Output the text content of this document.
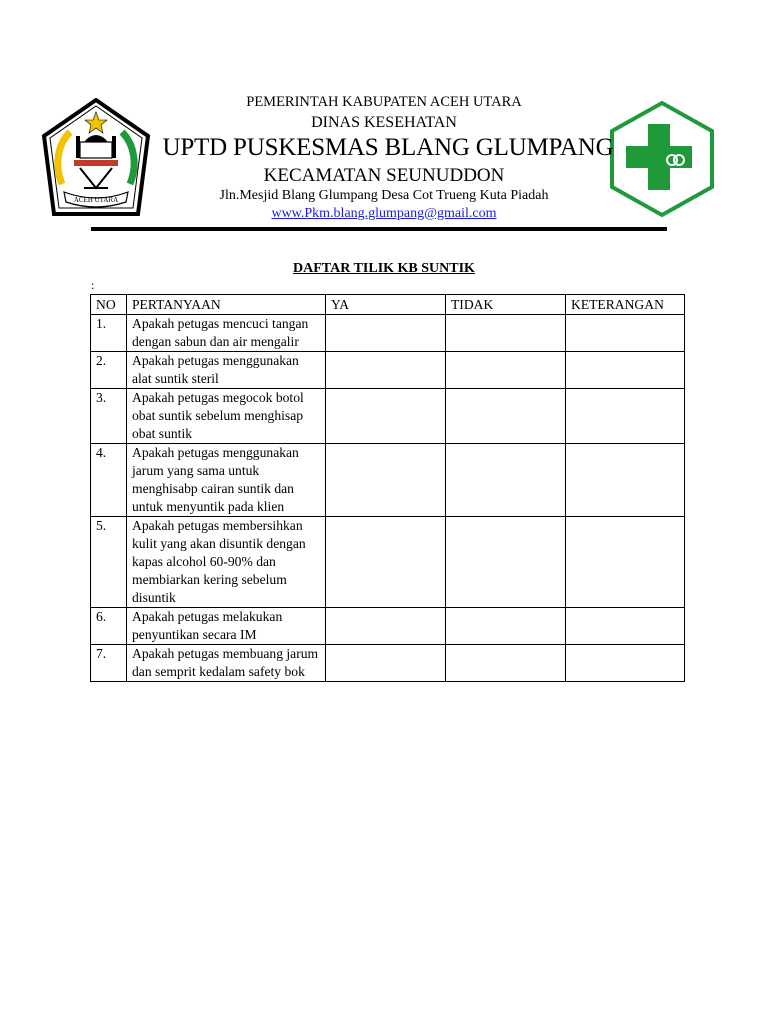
ACEH UTARA
PEMERINTAH KABUPATEN ACEH UTARA
DINAS KESEHATAN
UPTD PUSKESMAS BLANG GLUMPANG
KECAMATAN SEUNUDDON
Jln.Mesjid Blang Glumpang Desa Cot Trueng Kuta Piadah
www.Pkm.blang.glumpang@gmail.com
DAFTAR TILIK KB SUNTIK
:
NO	PERTANYAAN	YA	TIDAK	KETERANGAN
1.	Apakah petugas mencuci tangan dengan sabun dan air mengalir			
2.	Apakah petugas menggunakan alat suntik steril			
3.	Apakah petugas megocok botol obat suntik sebelum menghisap obat suntik			
4.	Apakah petugas menggunakan jarum yang sama untuk menghisabp cairan suntik dan untuk menyuntik pada klien			
5.	Apakah petugas membersihkan kulit yang akan disuntik dengan kapas alcohol 60-90% dan membiarkan kering sebelum disuntik			
6.	Apakah petugas melakukan penyuntikan secara IM			
7.	Apakah petugas membuang jarum dan semprit kedalam safety bok			
